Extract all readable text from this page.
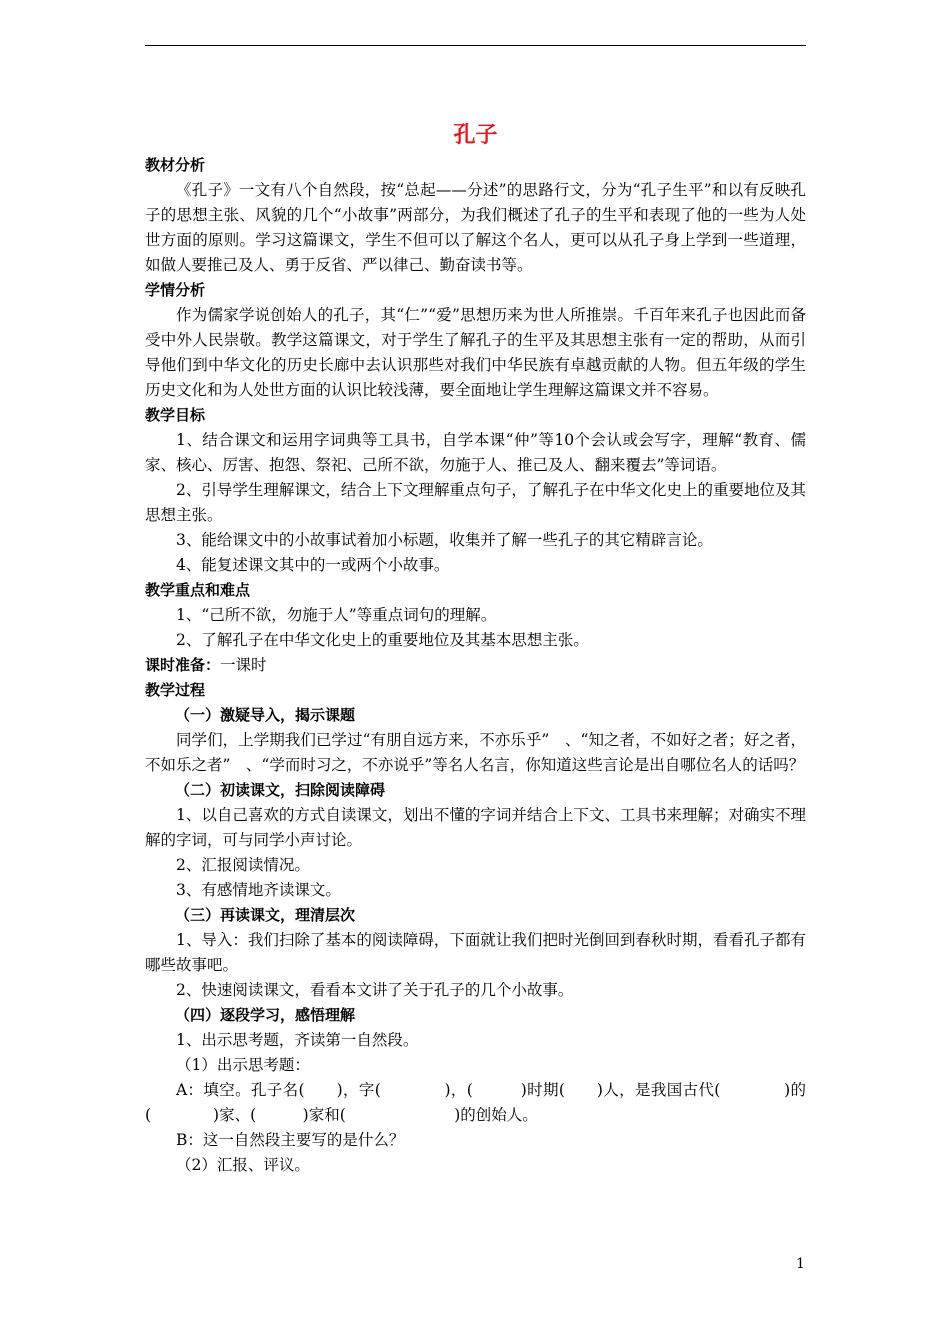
孔子
教材分析

《孔子》一文有八个自然段，按“总起——分述”的思路行文，分为“孔子生平”和以有反映孔子的思想主张、风貌的几个“小故事”两部分，为我们概述了孔子的生平和表现了他的一些为人处世方面的原则。学习这篇课文，学生不但可以了解这个名人，更可以从孔子身上学到一些道理，如做人要推己及人、勇于反省、严以律己、勤奋读书等。

学情分析

作为儒家学说创始人的孔子，其“仁”“爱”思想历来为世人所推崇。千百年来孔子也因此而备受中外人民崇敬。教学这篇课文，对于学生了解孔子的生平及其思想主张有一定的帮助，从而引导他们到中华文化的历史长廊中去认识那些对我们中华民族有卓越贡献的人物。但五年级的学生历史文化和为人处世方面的认识比较浅薄，要全面地让学生理解这篇课文并不容易。

教学目标

1、结合课文和运用字词典等工具书，自学本课“仲”等10个会认或会写字，理解“教育、儒家、核心、厉害、抱怨、祭祀、己所不欲，勿施于人、推己及人、翻来覆去”等词语。

2、引导学生理解课文，结合上下文理解重点句子，了解孔子在中华文化史上的重要地位及其思想主张。

3、能给课文中的小故事试着加小标题，收集并了解一些孔子的其它精辟言论。

4、能复述课文其中的一或两个小故事。

教学重点和难点

1、“己所不欲，勿施于人”等重点词句的理解。

2、了解孔子在中华文化史上的重要地位及其基本思想主张。

课时准备：一课时
教学过程
（一）激疑导入，揭示课题

同学们，上学期我们已学过“有朋自远方来，不亦乐乎”　、“知之者，不如好之者；好之者，不如乐之者”　、“学而时习之，不亦说乎”等名人名言，你知道这些言论是出自哪位名人的话吗？

（二）初读课文，扫除阅读障碍

1、以自己喜欢的方式自读课文，划出不懂的字词并结合上下文、工具书来理解；对确实不理解的字词，可与同学小声讨论。

2、汇报阅读情况。

3、有感情地齐读课文。

（三）再读课文，理清层次

1、导入：我们扫除了基本的阅读障碍，下面就让我们把时光倒回到春秋时期，看看孔子都有哪些故事吧。

2、快速阅读课文，看看本文讲了关于孔子的几个小故事。

（四）逐段学习，感悟理解

1、出示思考题，齐读第一自然段。

（1）出示思考题：

A：填空。孔子名(　　)，字(　　　　)，(　　　)时期(　　)人，是我国古代(　　　　)的(　　　　)家、(　　　)家和(　　　　　　　)的创始人。

B：这一自然段主要写的是什么？

（2）汇报、评议。

1
